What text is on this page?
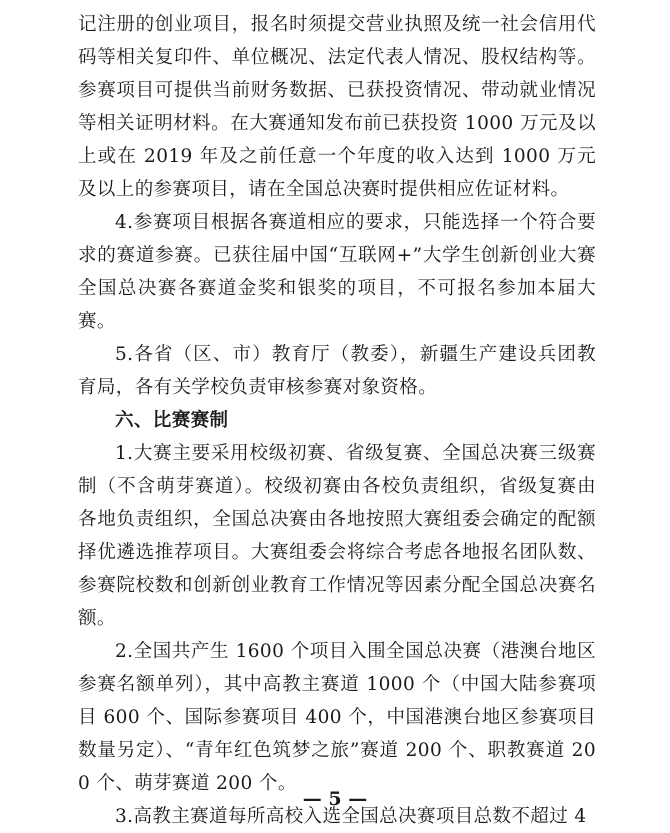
记注册的创业项目，报名时须提交营业执照及统一社会信用代码等相关复印件、单位概况、法定代表人情况、股权结构等。参赛项目可提供当前财务数据、已获投资情况、带动就业情况等相关证明材料。在大赛通知发布前已获投资 1000 万元及以上或在 2019 年及之前任意一个年度的收入达到 1000 万元及以上的参赛项目，请在全国总决赛时提供相应佐证材料。

4.参赛项目根据各赛道相应的要求，只能选择一个符合要求的赛道参赛。已获往届中国“互联网+”大学生创新创业大赛全国总决赛各赛道金奖和银奖的项目，不可报名参加本届大赛。

5.各省（区、市）教育厅（教委），新疆生产建设兵团教育局，各有关学校负责审核参赛对象资格。

六、比赛赛制

1.大赛主要采用校级初赛、省级复赛、全国总决赛三级赛制（不含萌芽赛道）。校级初赛由各校负责组织，省级复赛由各地负责组织，全国总决赛由各地按照大赛组委会确定的配额择优遴选推荐项目。大赛组委会将综合考虑各地报名团队数、参赛院校数和创新创业教育工作情况等因素分配全国总决赛名额。

2.全国共产生 1600 个项目入围全国总决赛（港澳台地区参赛名额单列），其中高教主赛道 1000 个（中国大陆参赛项目 600 个、国际参赛项目 400 个，中国港澳台地区参赛项目数量另定）、“青年红色筑梦之旅”赛道 200 个、职教赛道 200 个、萌芽赛道 200 个。

3.高教主赛道每所高校入选全国总决赛项目总数不超过 4

— 5 —
